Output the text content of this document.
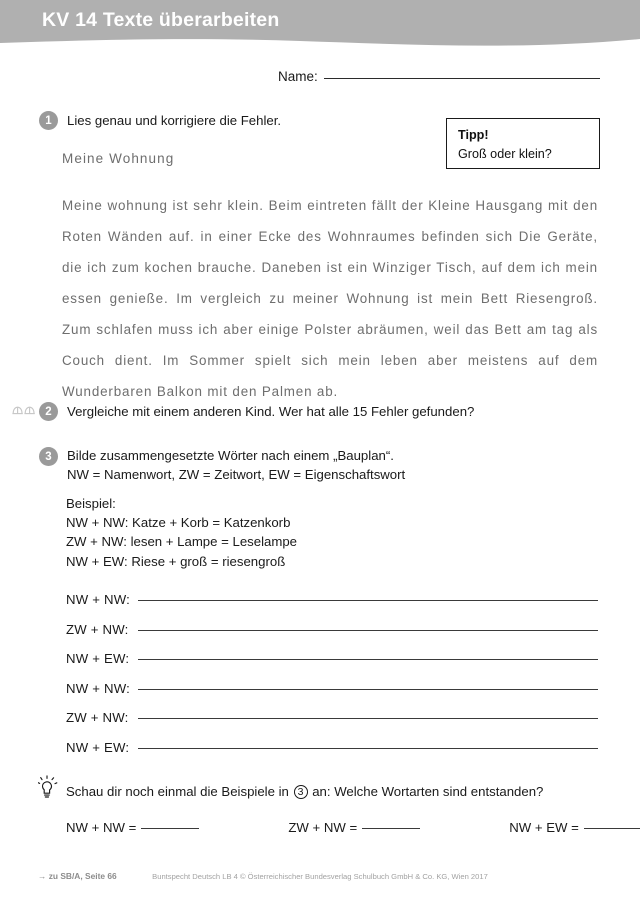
KV 14 Texte überarbeiten
Name:
1	Lies genau und korrigiere die Fehler.
Meine Wohnung

Meine wohnung ist sehr klein. Beim eintreten fällt der Kleine Hausgang mit den Roten Wänden auf. in einer Ecke des Wohnraumes befinden sich Die Geräte, die ich zum kochen brauche. Daneben ist ein Winziger Tisch, auf dem ich mein essen genieße. Im vergleich zu meiner Wohnung ist mein Bett Riesengroß. Zum schlafen muss ich aber einige Polster abräumen, weil das Bett am tag als Couch dient. Im Sommer spielt sich mein leben aber meistens auf dem Wunderbaren Balkon mit den Palmen ab.

Tipp!
Groß oder klein?
2	Vergleiche mit einem anderen Kind. Wer hat alle 15 Fehler gefunden?
3	Bilde zusammengesetzte Wörter nach einem „Bauplan“.
NW = Namenwort, ZW = Zeitwort, EW = Eigenschaftswort
Beispiel:
NW + NW: Katze + Korb = Katzenkorb
ZW + NW: lesen + Lampe = Leselampe
NW + EW: Riese + groß = riesengroß
NW + NW:
ZW + NW:
NW + EW:
NW + NW:
ZW + NW:
NW + EW:
Schau dir noch einmal die Beispiele in 3 an: Welche Wortarten sind entstanden?
NW + NW =	ZW + NW =	NW + EW =
→ zu SB/A, Seite 66	Buntspecht Deutsch LB 4 © Österreichischer Bundesverlag Schulbuch GmbH & Co. KG, Wien 2017
